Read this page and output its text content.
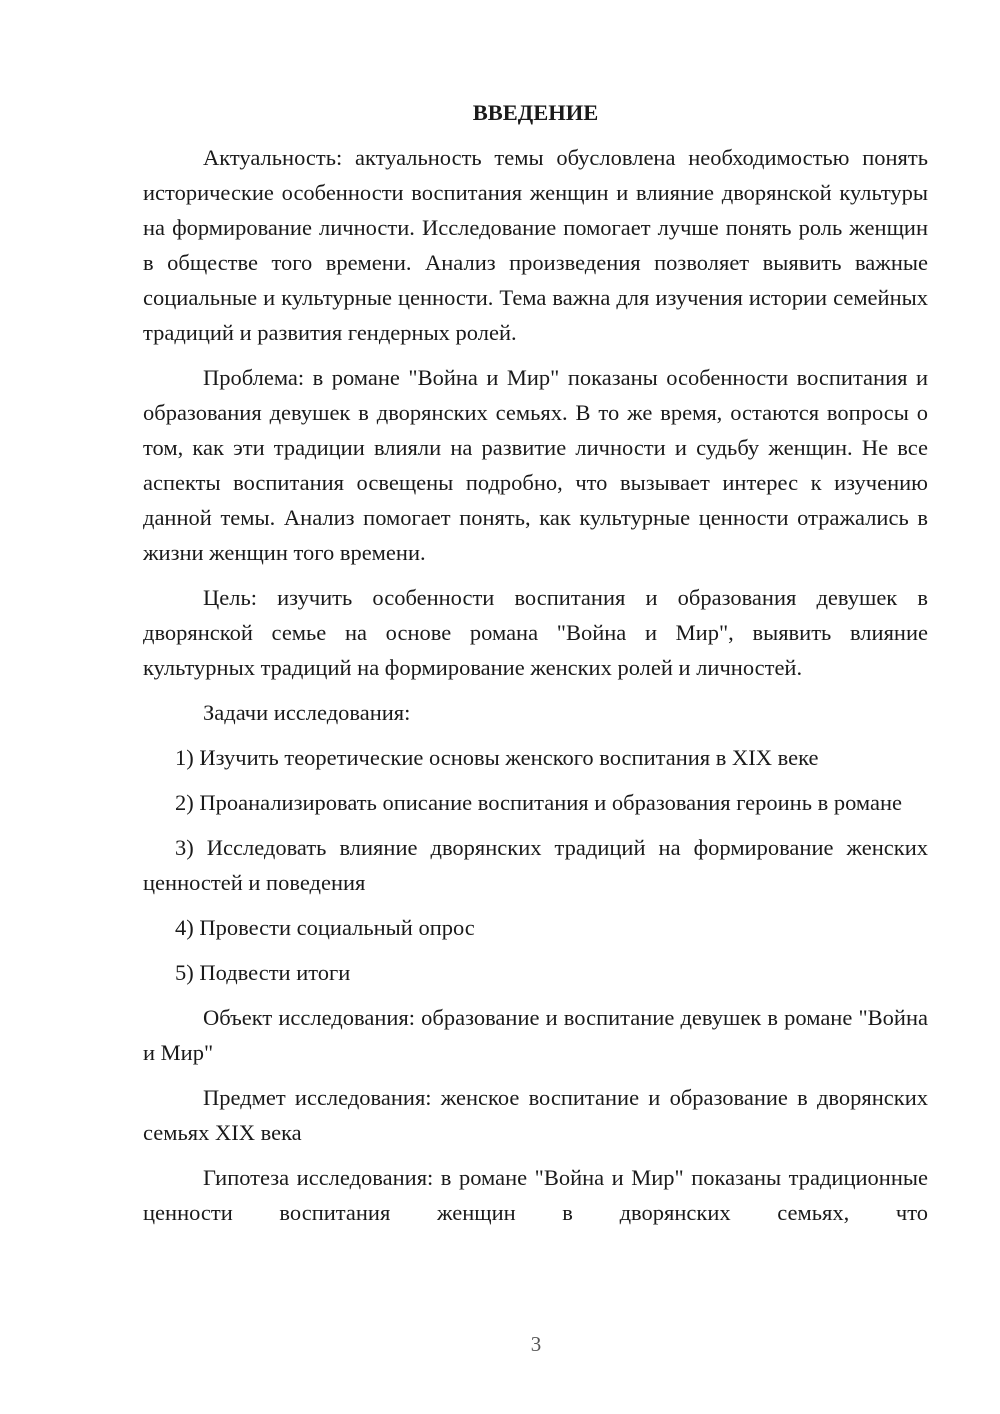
ВВЕДЕНИЕ

Актуальность: актуальность темы обусловлена необходимостью понять исторические особенности воспитания женщин и влияние дворянской культуры на формирование личности. Исследование помогает лучше понять роль женщин в обществе того времени. Анализ произведения позволяет выявить важные социальные и культурные ценности. Тема важна для изучения истории семейных традиций и развития гендерных ролей.

Проблема: в романе "Война и Мир" показаны особенности воспитания и образования девушек в дворянских семьях. В то же время, остаются вопросы о том, как эти традиции влияли на развитие личности и судьбу женщин. Не все аспекты воспитания освещены подробно, что вызывает интерес к изучению данной темы. Анализ помогает понять, как культурные ценности отражались в жизни женщин того времени.

Цель: изучить особенности воспитания и образования девушек в дворянской семье на основе романа "Война и Мир", выявить влияние культурных традиций на формирование женских ролей и личностей.

Задачи исследования:

1) Изучить теоретические основы женского воспитания в XIX веке

2) Проанализировать описание воспитания и образования героинь в романе

3) Исследовать влияние дворянских традиций на формирование женских ценностей и поведения

4) Провести социальный опрос

5) Подвести итоги

Объект исследования: образование и воспитание девушек в романе "Война и Мир"

Предмет исследования: женское воспитание и образование в дворянских семьях XIX века

Гипотеза исследования: в романе "Война и Мир" показаны традиционные ценности воспитания женщин в дворянских семьях, что

3
